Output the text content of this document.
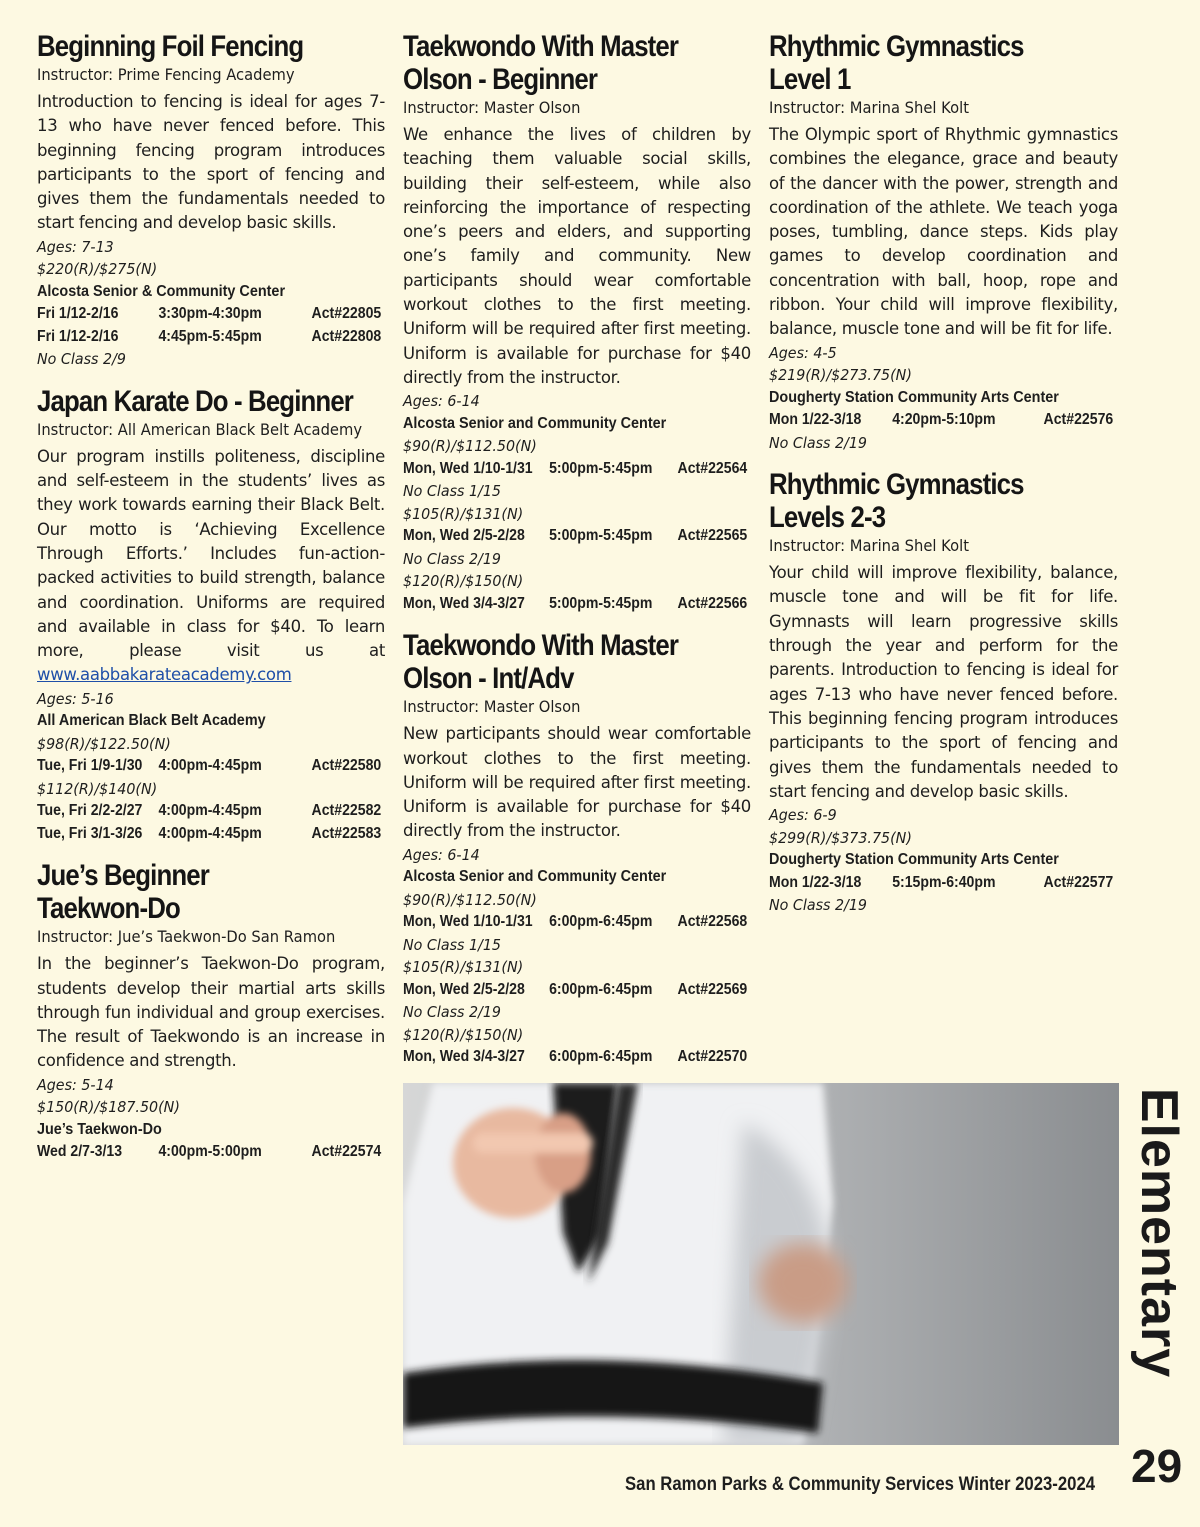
Beginning Foil Fencing
Instructor: Prime Fencing Academy

Introduction to fencing is ideal for ages 7-13 who have never fenced before. This beginning fencing program introduces participants to the sport of fencing and gives them the fundamentals needed to start fencing and develop basic skills.

Ages: 7-13
$220(R)/$275(N)
Alcosta Senior & Community Center
Fri 1/12-2/16	3:30pm-4:30pm	Act#22805
Fri 1/12-2/16	4:45pm-5:45pm	Act#22808
No Class 2/9
Japan Karate Do - Beginner
Instructor: All American Black Belt Academy

Our program instills politeness, discipline and self-esteem in the students’ lives as they work towards earning their Black Belt. Our motto is ‘Achieving Excellence Through Efforts.’ Includes fun-action-packed activities to build strength, balance and coordination. Uniforms are required and available in class for $40. To learn more, please visit us at www.aabbakarateacademy.com

Ages: 5-16
All American Black Belt Academy
$98(R)/$122.50(N)
Tue, Fri 1/9-1/30	4:00pm-4:45pm	Act#22580
$112(R)/$140(N)
Tue, Fri 2/2-2/27	4:00pm-4:45pm	Act#22582
Tue, Fri 3/1-3/26	4:00pm-4:45pm	Act#22583
Jue’s Beginner
Taekwon-Do
Instructor: Jue’s Taekwon-Do San Ramon

In the beginner’s Taekwon-Do program, students develop their martial arts skills through fun individual and group exercises. The result of Taekwondo is an increase in confidence and strength.

Ages: 5-14
$150(R)/$187.50(N)
Jue’s Taekwon-Do
Wed 2/7-3/13	4:00pm-5:00pm	Act#22574
Taekwondo With Master
Olson - Beginner
Instructor: Master Olson

We enhance the lives of children by teaching them valuable social skills, building their self-esteem, while also reinforcing the importance of respecting one’s peers and elders, and supporting one’s family and community. New participants should wear comfortable workout clothes to the first meeting. Uniform will be required after first meeting. Uniform is available for purchase for $40 directly from the instructor.

Ages: 6-14
Alcosta Senior and Community Center
$90(R)/$112.50(N)
Mon, Wed 1/10-1/31	5:00pm-5:45pm	Act#22564
No Class 1/15
$105(R)/$131(N)
Mon, Wed 2/5-2/28	5:00pm-5:45pm	Act#22565
No Class 2/19
$120(R)/$150(N)
Mon, Wed 3/4-3/27	5:00pm-5:45pm	Act#22566
Taekwondo With Master
Olson - Int/Adv
Instructor: Master Olson

New participants should wear comfortable workout clothes to the first meeting. Uniform will be required after first meeting. Uniform is available for purchase for $40 directly from the instructor.

Ages: 6-14
Alcosta Senior and Community Center
$90(R)/$112.50(N)
Mon, Wed 1/10-1/31	6:00pm-6:45pm	Act#22568
No Class 1/15
$105(R)/$131(N)
Mon, Wed 2/5-2/28	6:00pm-6:45pm	Act#22569
No Class 2/19
$120(R)/$150(N)
Mon, Wed 3/4-3/27	6:00pm-6:45pm	Act#22570
Rhythmic Gymnastics
Level 1
Instructor: Marina Shel Kolt

The Olympic sport of Rhythmic gymnastics combines the elegance, grace and beauty of the dancer with the power, strength and coordination of the athlete. We teach yoga poses, tumbling, dance steps. Kids play games to develop coordination and concentration with ball, hoop, rope and ribbon. Your child will improve flexibility, balance, muscle tone and will be fit for life.

Ages: 4-5
$219(R)/$273.75(N)
Dougherty Station Community Arts Center
Mon 1/22-3/18	4:20pm-5:10pm	Act#22576
No Class 2/19
Rhythmic Gymnastics
Levels 2-3
Instructor: Marina Shel Kolt

Your child will improve flexibility, balance, muscle tone and will be fit for life. Gymnasts will learn progressive skills through the year and perform for the parents. Introduction to fencing is ideal for ages 7-13 who have never fenced before. This beginning fencing program introduces participants to the sport of fencing and gives them the fundamentals needed to start fencing and develop basic skills.

Ages: 6-9
$299(R)/$373.75(N)
Dougherty Station Community Arts Center
Mon 1/22-3/18	5:15pm-6:40pm	Act#22577
No Class 2/19
Elementary
29
San Ramon Parks & Community Services Winter 2023-2024
